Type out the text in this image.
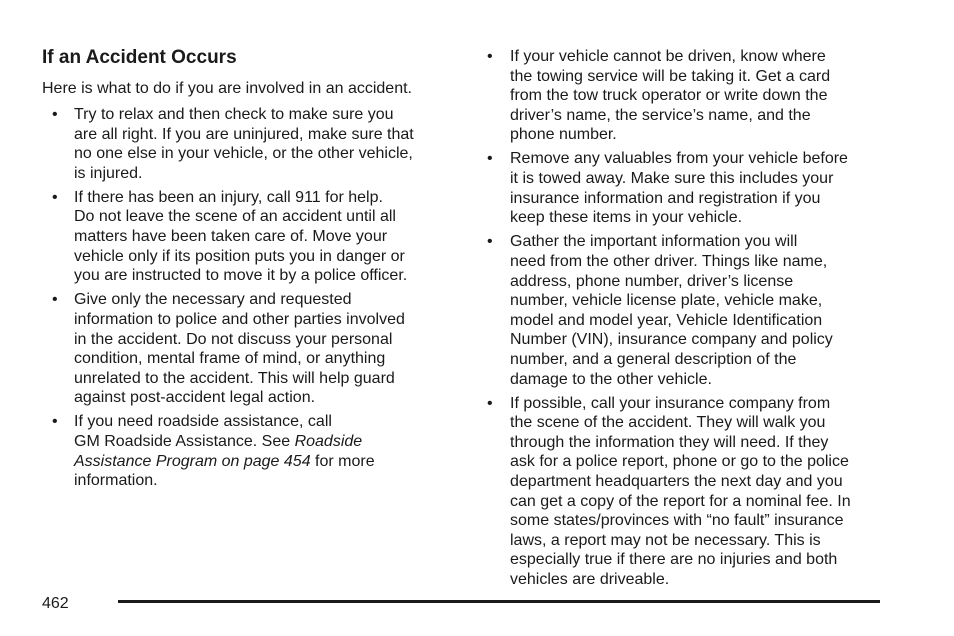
If an Accident Occurs
Here is what to do if you are involved in an accident.
• Try to relax and then check to make sure you
are all right. If you are uninjured, make sure that
no one else in your vehicle, or the other vehicle,
is injured.
• If there has been an injury, call 911 for help.
Do not leave the scene of an accident until all
matters have been taken care of. Move your
vehicle only if its position puts you in danger or
you are instructed to move it by a police officer.
• Give only the necessary and requested
information to police and other parties involved
in the accident. Do not discuss your personal
condition, mental frame of mind, or anything
unrelated to the accident. This will help guard
against post-accident legal action.
• If you need roadside assistance, call
GM Roadside Assistance. See Roadside
Assistance Program on page 454 for more
information.
• If your vehicle cannot be driven, know where
the towing service will be taking it. Get a card
from the tow truck operator or write down the
driver’s name, the service’s name, and the
phone number.
• Remove any valuables from your vehicle before
it is towed away. Make sure this includes your
insurance information and registration if you
keep these items in your vehicle.
• Gather the important information you will
need from the other driver. Things like name,
address, phone number, driver’s license
number, vehicle license plate, vehicle make,
model and model year, Vehicle Identification
Number (VIN), insurance company and policy
number, and a general description of the
damage to the other vehicle.
• If possible, call your insurance company from
the scene of the accident. They will walk you
through the information they will need. If they
ask for a police report, phone or go to the police
department headquarters the next day and you
can get a copy of the report for a nominal fee. In
some states/provinces with “no fault” insurance
laws, a report may not be necessary. This is
especially true if there are no injuries and both
vehicles are driveable.
462
